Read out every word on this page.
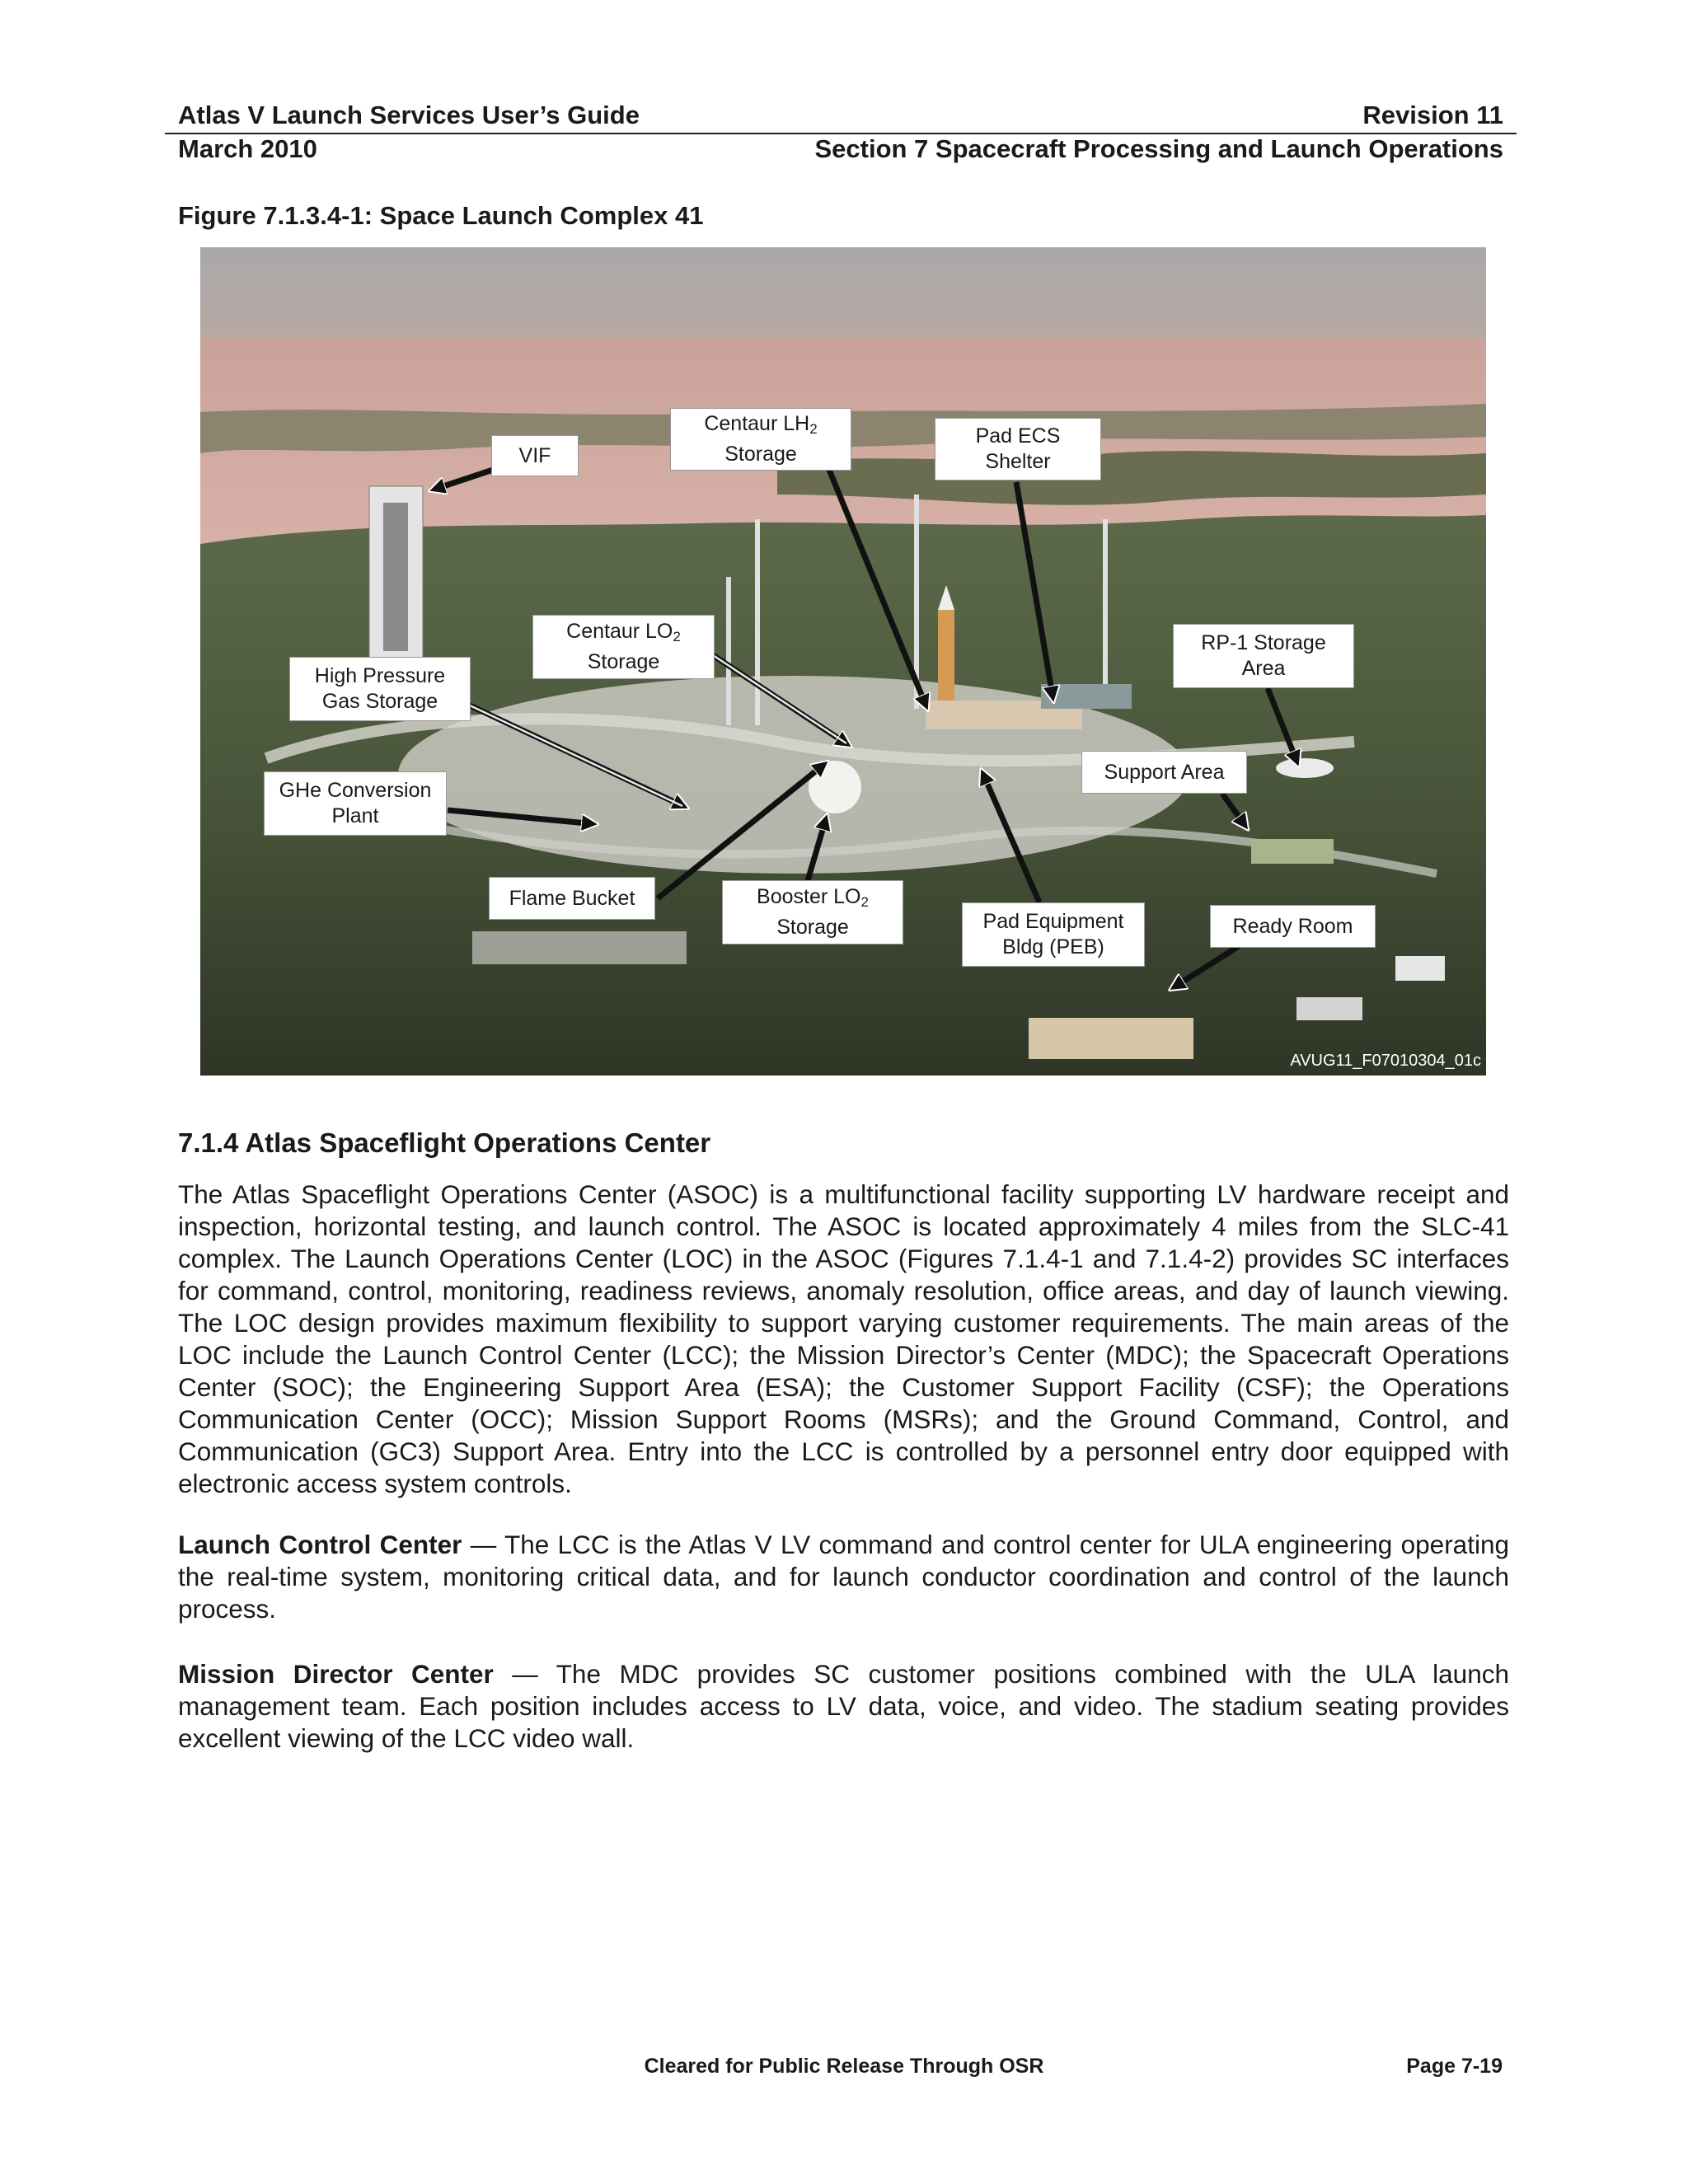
Atlas V Launch Services User’s Guide	Revision 11
March 2010	Section 7 Spacecraft Processing and Launch Operations
Figure 7.1.3.4-1: Space Launch Complex 41
VIF
Centaur $LH_2$
Storage
Pad ECS
Shelter
Centaur $LO_2$
Storage
RP-1 Storage
Area
High Pressure
Gas Storage
Support Area
GHe Conversion
Plant
Flame Bucket	Booster $LO_2$
Storage	Pad Equipment
Bldg (PEB)
Ready Room
AVUG11_F07010304_01c
7.1.4 Atlas Spaceflight Operations Center

The Atlas Spaceflight Operations Center (ASOC) is a multifunctional facility supporting LV hardware receipt and inspection, horizontal testing, and launch control. The ASOC is located approximately 4 miles from the SLC-41 complex. The Launch Operations Center (LOC) in the ASOC (Figures 7.1.4-1 and 7.1.4-2) provides SC interfaces for command, control, monitoring, readiness reviews, anomaly resolution, office areas, and day of launch viewing. The LOC design provides maximum flexibility to support varying customer requirements. The main areas of the LOC include the Launch Control Center (LCC); the Mission Director’s Center (MDC); the Spacecraft Operations Center (SOC); the Engineering Support Area (ESA); the Customer Support Facility (CSF); the Operations Communication Center (OCC); Mission Support Rooms (MSRs); and the Ground Command, Control, and Communication (GC3) Support Area. Entry into the LCC is controlled by a personnel entry door equipped with electronic access system controls.

Launch Control Center — The LCC is the Atlas V LV command and control center for ULA engineering operating the real-time system, monitoring critical data, and for launch conductor coordination and control of the launch process.

Mission Director Center — The MDC provides SC customer positions combined with the ULA launch management team. Each position includes access to LV data, voice, and video. The stadium seating provides excellent viewing of the LCC video wall.

Cleared for Public Release Through OSR	Page 7-19
